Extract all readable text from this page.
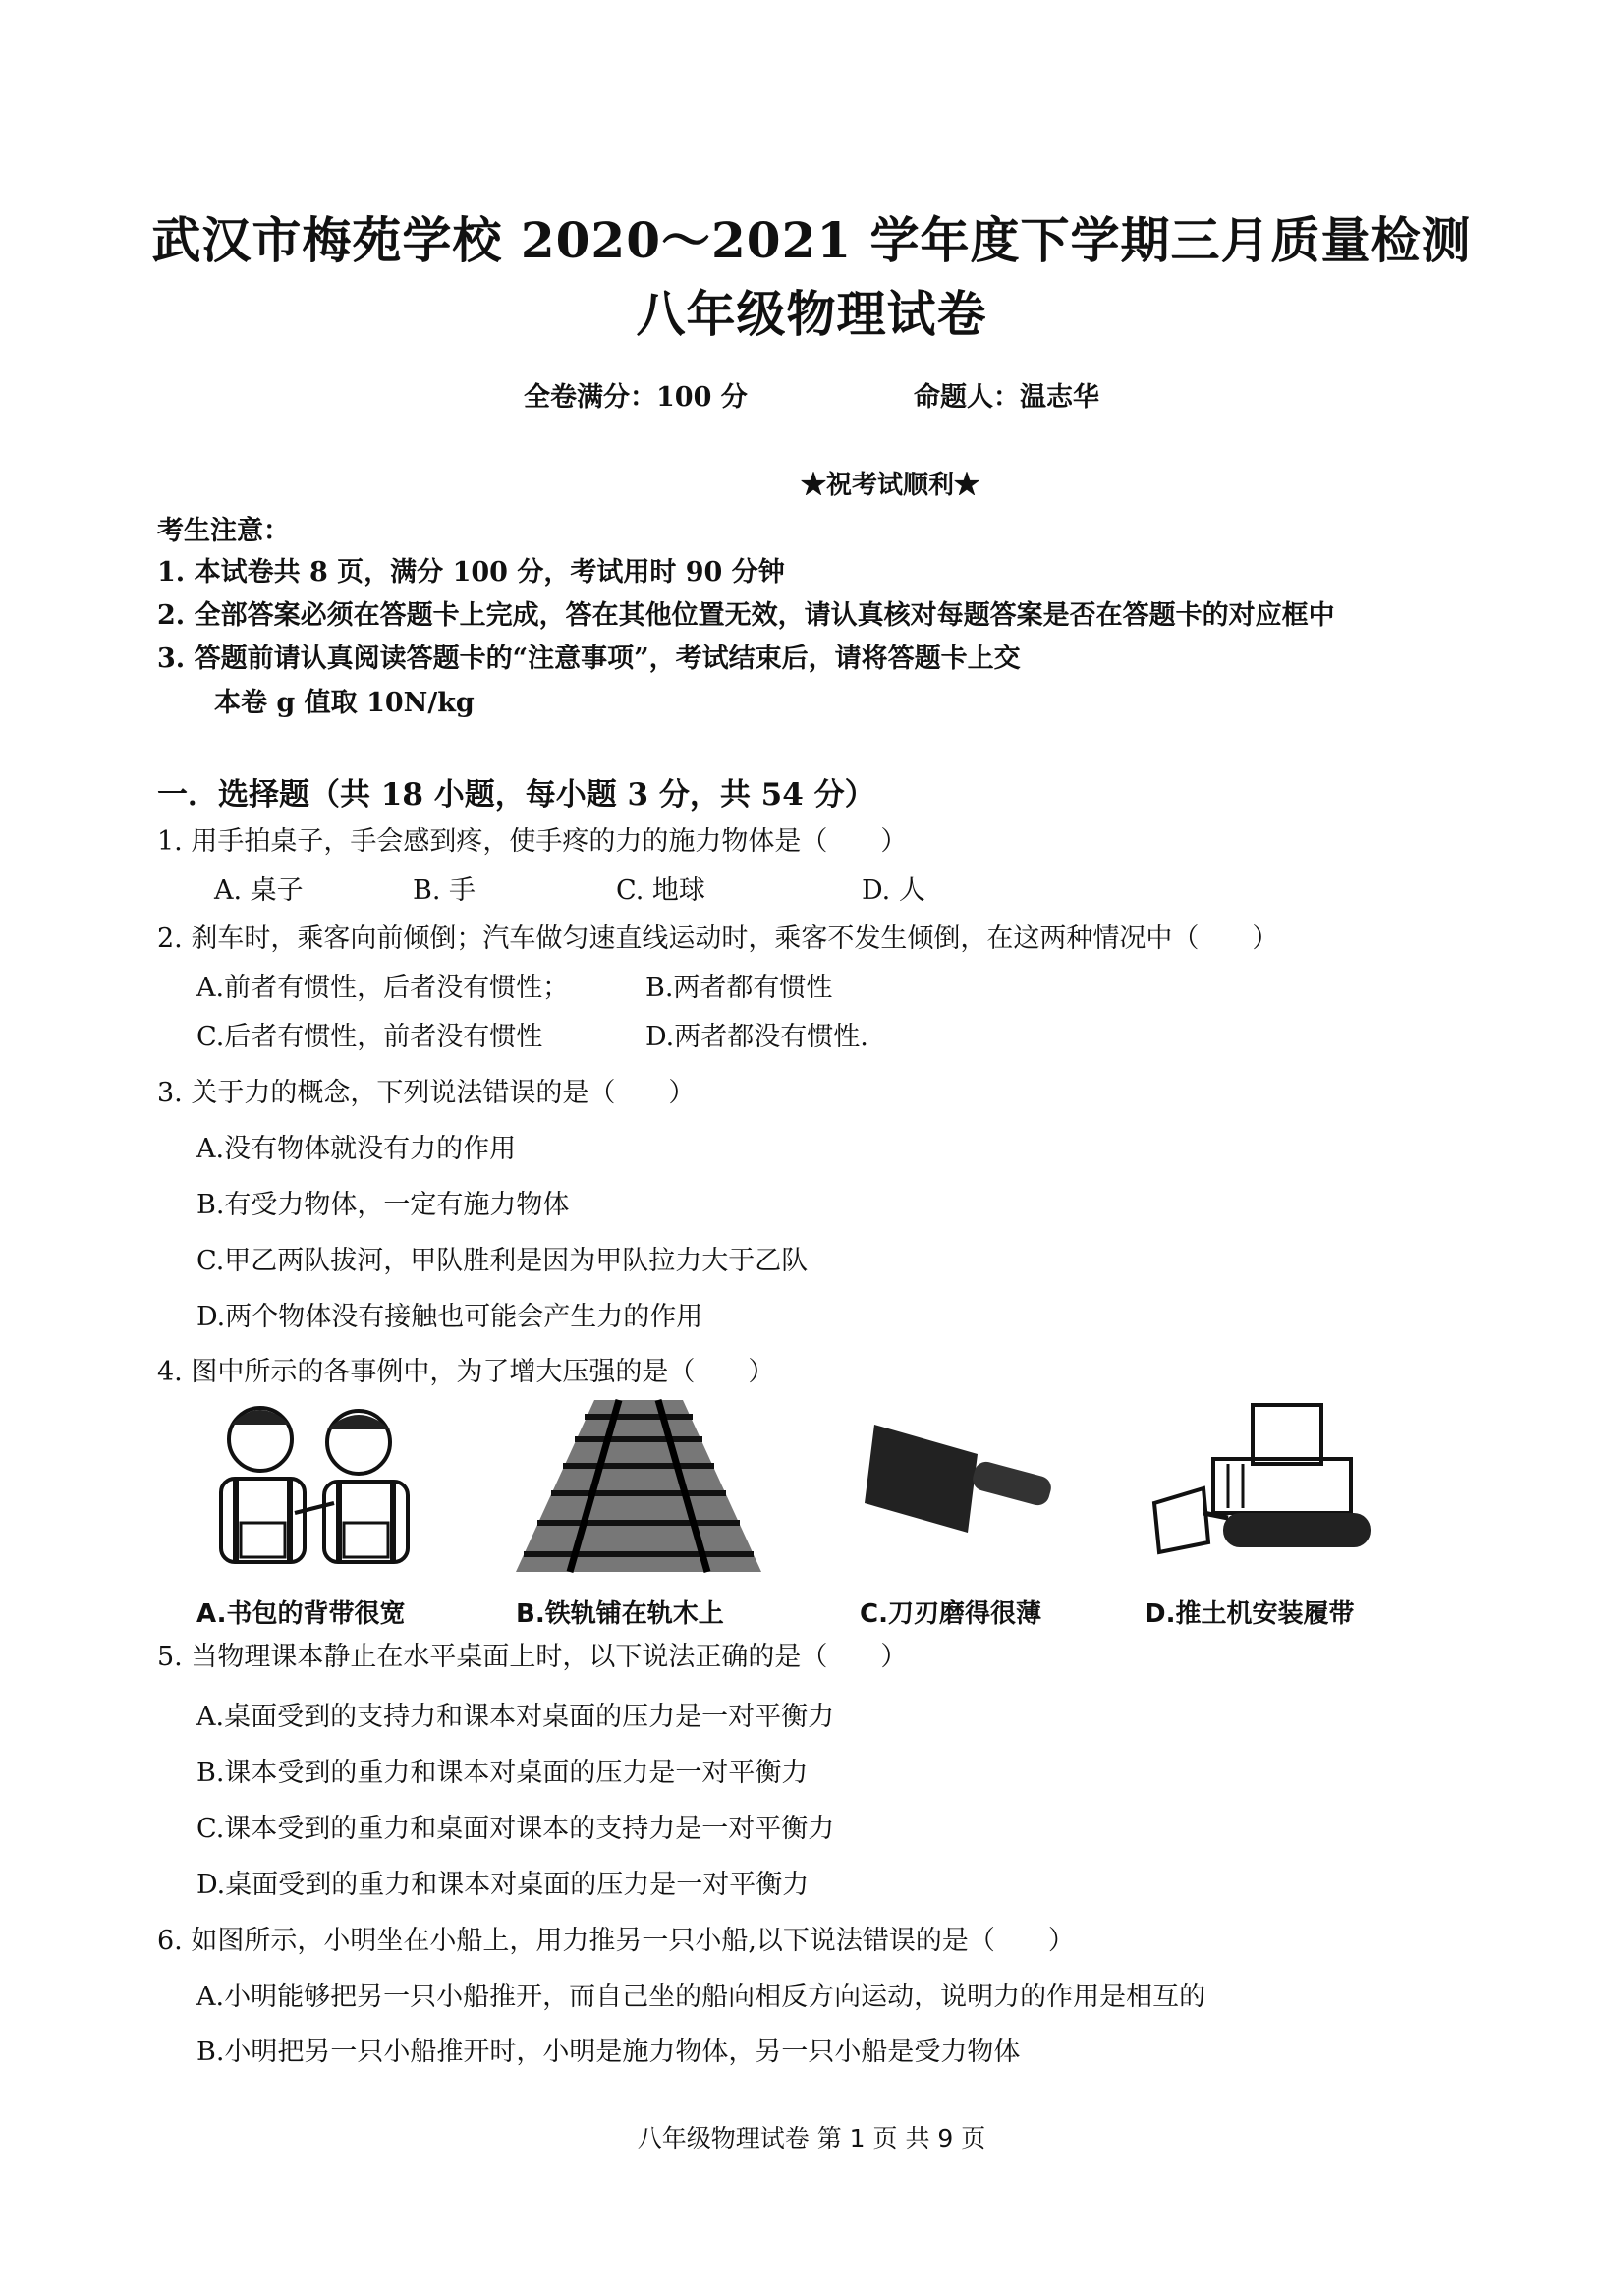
武汉市梅苑学校 2020～2021 学年度下学期三月质量检测
八年级物理试卷
全卷满分：100 分	命题人：温志华
★祝考试顺利★
考生注意：
1. 本试卷共 8 页，满分 100 分，考试用时 90 分钟
2. 全部答案必须在答题卡上完成，答在其他位置无效，请认真核对每题答案是否在答题卡的对应框中
3. 答题前请认真阅读答题卡的“注意事项”，考试结束后，请将答题卡上交
本卷 g 值取 10N/kg
一．选择题（共 18 小题，每小题 3 分，共 54 分）
1. 用手拍桌子，手会感到疼，使手疼的力的施力物体是（　　）
A. 桌子	B. 手	C. 地球	D. 人
2. 刹车时，乘客向前倾倒；汽车做匀速直线运动时，乘客不发生倾倒，在这两种情况中（　　）
A.前者有惯性，后者没有惯性；	B.两者都有惯性
C.后者有惯性，前者没有惯性	D.两者都没有惯性.
3. 关于力的概念，下列说法错误的是（　　）
A.没有物体就没有力的作用
B.有受力物体，一定有施力物体
C.甲乙两队拔河，甲队胜利是因为甲队拉力大于乙队
D.两个物体没有接触也可能会产生力的作用
4. 图中所示的各事例中，为了增大压强的是（　　）
A.书包的背带很宽	B.铁轨铺在轨木上	C.刀刃磨得很薄	D.推土机安装履带
5. 当物理课本静止在水平桌面上时，以下说法正确的是（　　）
A.桌面受到的支持力和课本对桌面的压力是一对平衡力
B.课本受到的重力和课本对桌面的压力是一对平衡力
C.课本受到的重力和桌面对课本的支持力是一对平衡力
D.桌面受到的重力和课本对桌面的压力是一对平衡力
6. 如图所示，小明坐在小船上，用力推另一只小船,以下说法错误的是（　　）
A.小明能够把另一只小船推开，而自己坐的船向相反方向运动，说明力的作用是相互的
B.小明把另一只小船推开时，小明是施力物体，另一只小船是受力物体
八年级物理试卷 第 1 页 共 9 页
